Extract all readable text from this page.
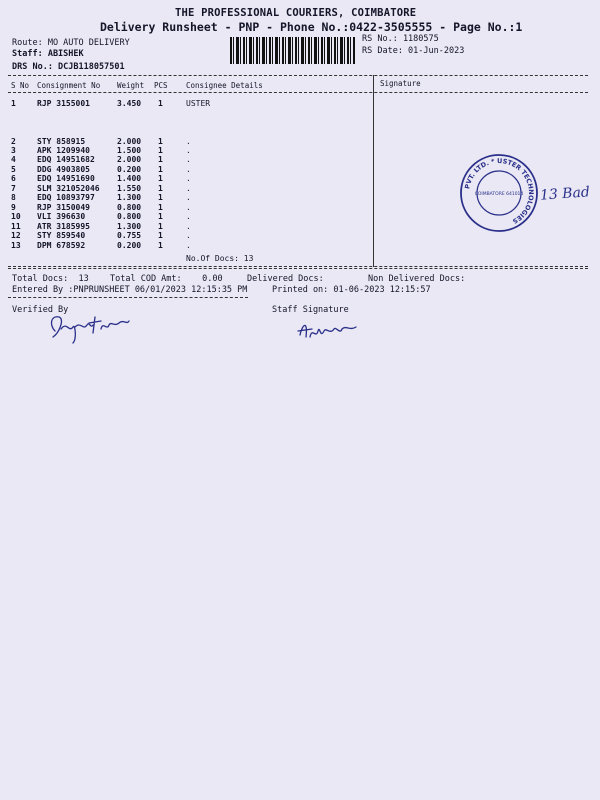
THE PROFESSIONAL COURIERS, COIMBATORE
Delivery Runsheet - PNP - Phone No.:0422-3505555 - Page No.:1
Route: MO AUTO DELIVERY
Staff: ABISHEK
DRS No.: DCJB118057501
RS No.: 1180575
RS Date: 01-Jun-2023
S No Consignment No Weight PCS Consignee Details	Signature
1	RJP 3155001	3.450 1	USTER
2	STY 858915	2.000 1	.
3	APK 1209940	1.500 1	.
4	EDQ 14951682	2.000 1	.
5	DDG 4903805	0.200 1	.
6	EDQ 14951690	1.400 1	.
7	SLM 321052046 1.550 1	.
8	EDQ 10893797	1.300 1	.
9	RJP 3150049	0.800 1	.
10 VLI 396630	0.800 1	.
11 ATR 3185995	1.300 1	.
12 STY 859540	0.755 1	.
13 DPM 678592	0.200 1	.
No.Of Docs: 13
Total Docs:  13 Total COD Amt:    0.00	Delivered Docs:	Non Delivered Docs:
Entered By :PNPRUNSHEET 06/01/2023 12:15:35 PM	Printed on: 01-06-2023 12:15:57
Verified By	Staff Signature
PVT. LTD. * USTER TECHNOLOGIES
COIMBATORE 641014 13 Bad
